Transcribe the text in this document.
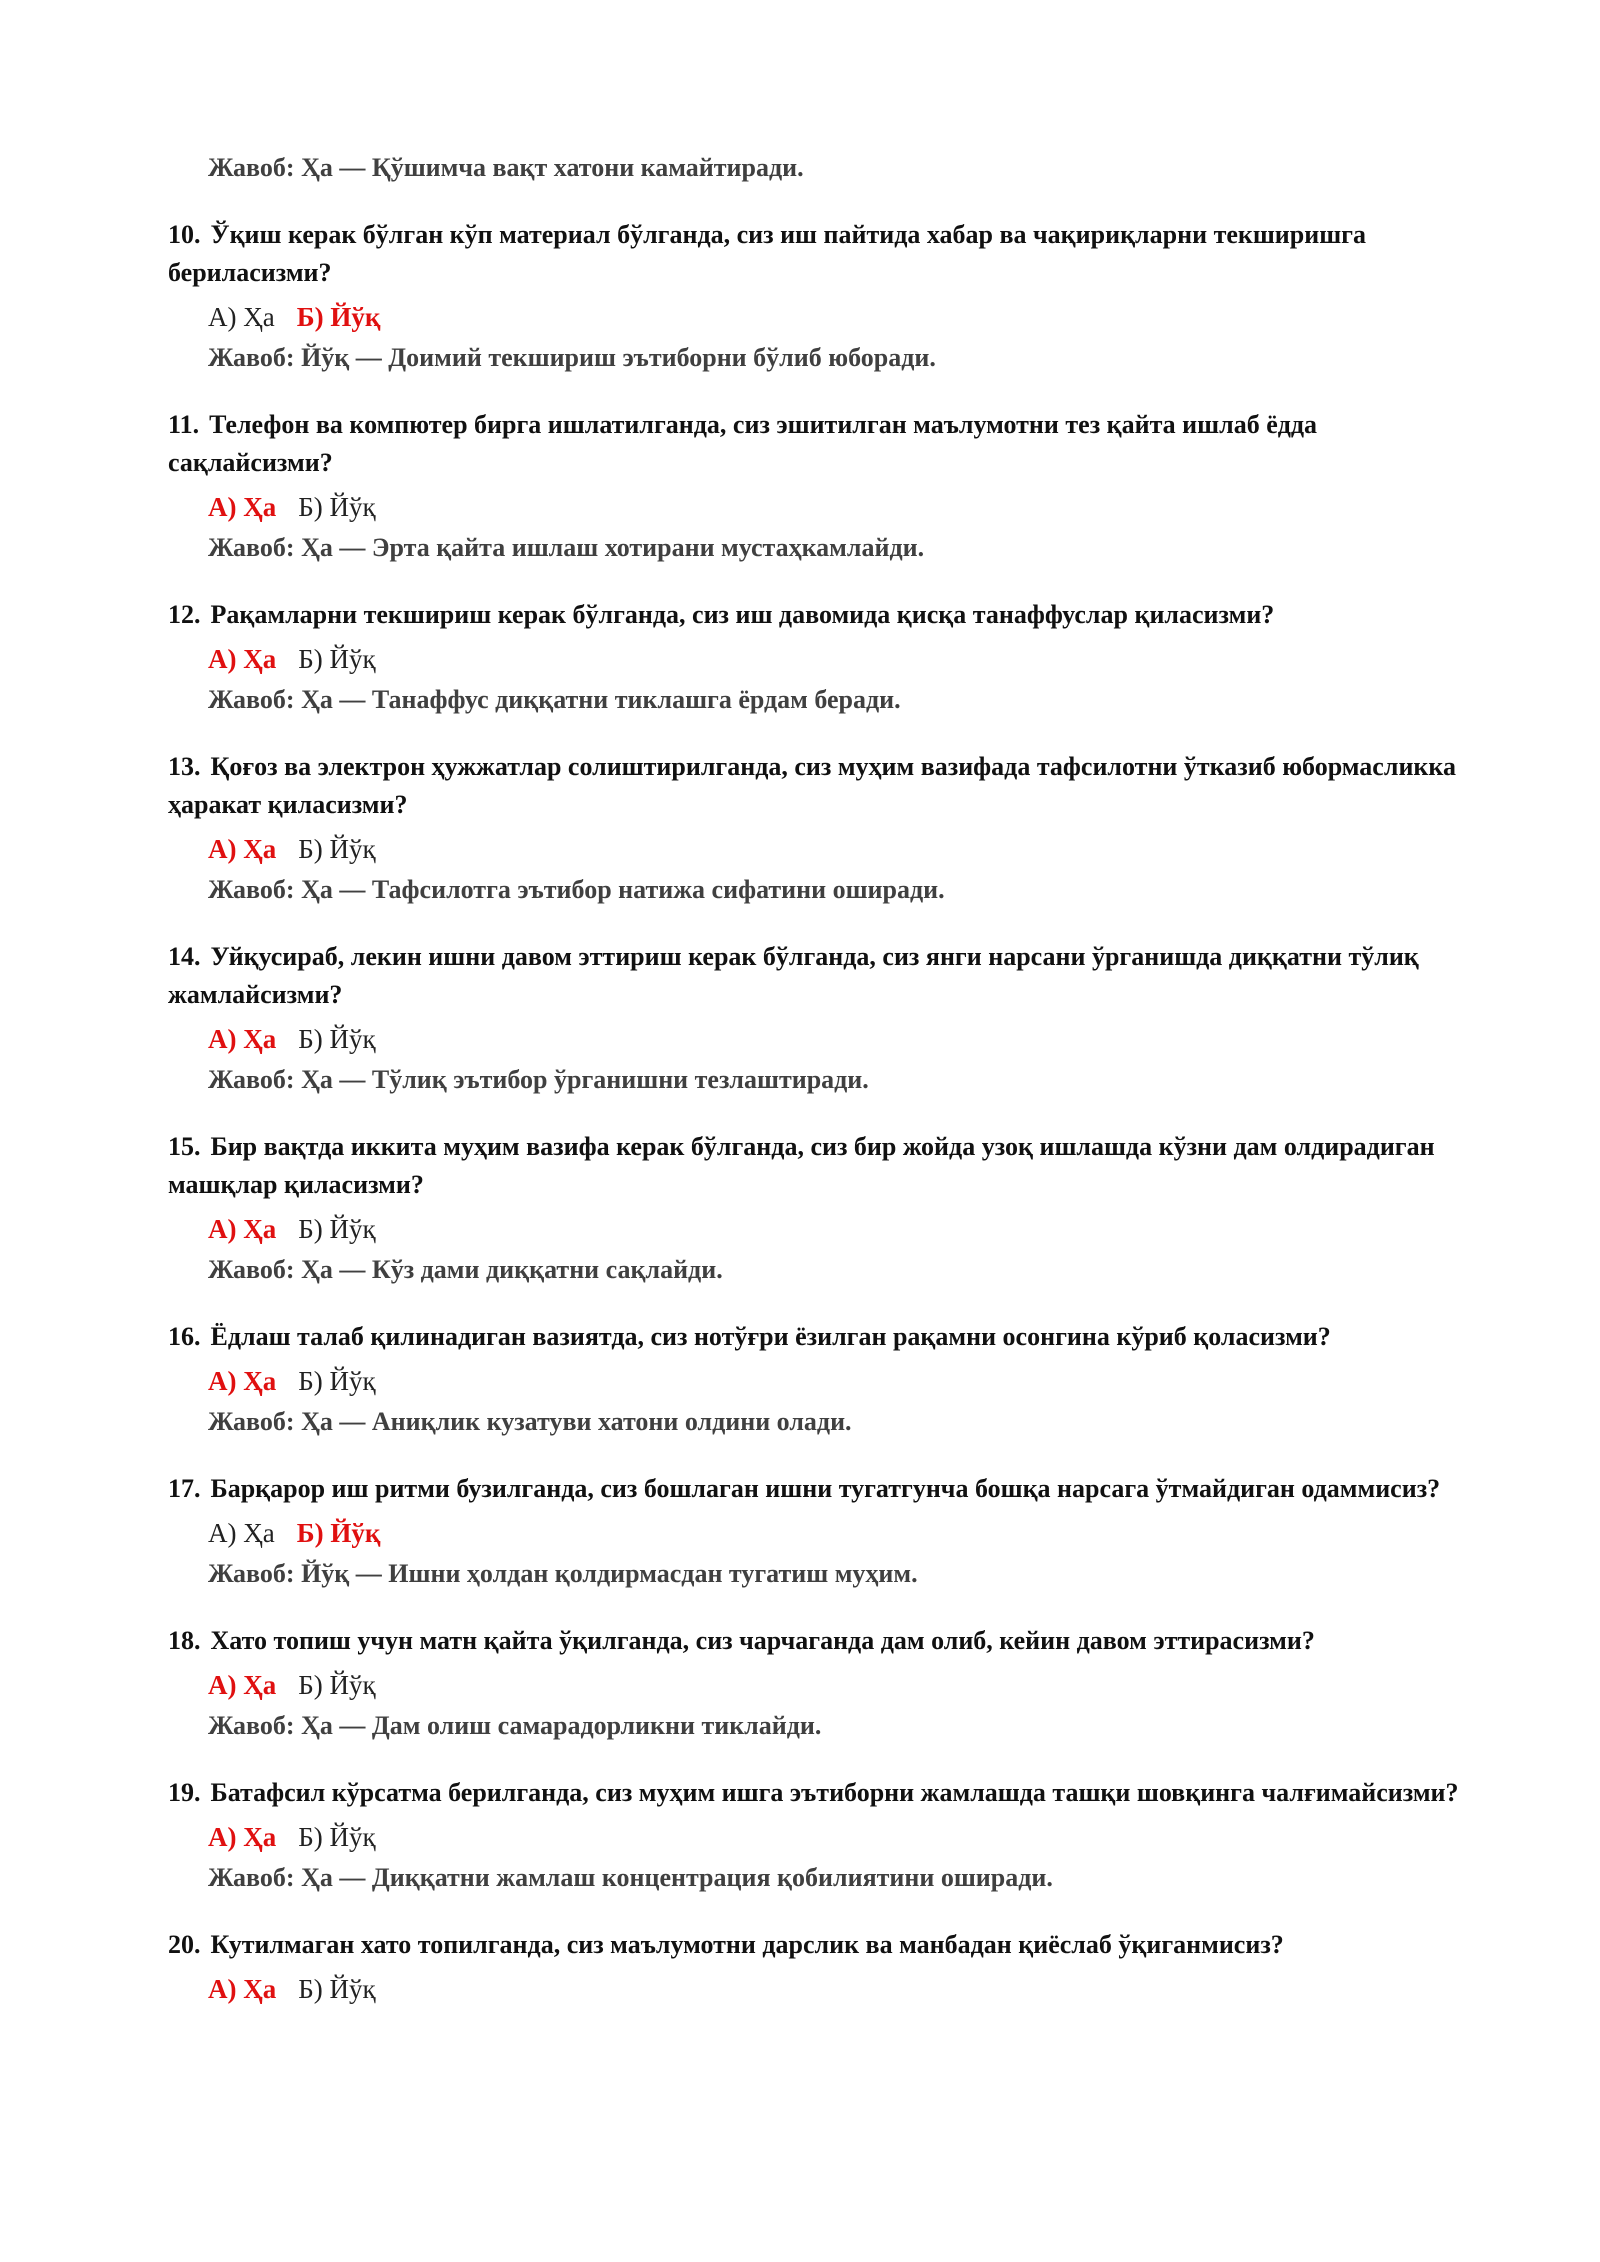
Жавоб: Ҳа — Қўшимча вақт хатони камайтиради.

10. Ўқиш керак бўлган кўп материал бўлганда, сиз иш пайтида хабар ва чақириқларни текширишга бериласизми?

А) Ҳа Б) Йўқ
Жавоб: Йўқ — Доимий текшириш эътиборни бўлиб юборади.

11. Телефон ва компютер бирга ишлатилганда, сиз эшитилган маълумотни тез қайта ишлаб ёдда сақлайсизми?

А) Ҳа Б) Йўқ
Жавоб: Ҳа — Эрта қайта ишлаш хотирани мустаҳкамлайди.

12. Рақамларни текшириш керак бўлганда, сиз иш давомида қисқа танаффуслар қиласизми?

А) Ҳа Б) Йўқ
Жавоб: Ҳа — Танаффус диққатни тиклашга ёрдам беради.

13. Қоғоз ва электрон ҳужжатлар солиштирилганда, сиз муҳим вазифада тафсилотни ўтказиб юбормасликка ҳаракат қиласизми?

А) Ҳа Б) Йўқ
Жавоб: Ҳа — Тафсилотга эътибор натижа сифатини оширади.

14. Уйқусираб, лекин ишни давом эттириш керак бўлганда, сиз янги нарсани ўрганишда диққатни тўлиқ жамлайсизми?

А) Ҳа Б) Йўқ
Жавоб: Ҳа — Тўлиқ эътибор ўрганишни тезлаштиради.

15. Бир вақтда иккита муҳим вазифа керак бўлганда, сиз бир жойда узоқ ишлашда кўзни дам олдирадиган машқлар қиласизми?

А) Ҳа Б) Йўқ
Жавоб: Ҳа — Кўз дами диққатни сақлайди.

16. Ёдлаш талаб қилинадиган вазиятда, сиз нотўғри ёзилган рақамни осонгина кўриб қоласизми?

А) Ҳа Б) Йўқ
Жавоб: Ҳа — Аниқлик кузатуви хатони олдини олади.

17. Барқарор иш ритми бузилганда, сиз бошлаган ишни тугатгунча бошқа нарсага ўтмайдиган одаммисиз?

А) Ҳа Б) Йўқ
Жавоб: Йўқ — Ишни ҳолдан қолдирмасдан тугатиш муҳим.

18. Хато топиш учун матн қайта ўқилганда, сиз чарчаганда дам олиб, кейин давом эттирасизми?

А) Ҳа Б) Йўқ
Жавоб: Ҳа — Дам олиш самарадорликни тиклайди.

19. Батафсил кўрсатма берилганда, сиз муҳим ишга эътиборни жамлашда ташқи шовқинга чалғимайсизми?

А) Ҳа Б) Йўқ
Жавоб: Ҳа — Диққатни жамлаш концентрация қобилиятини оширади.

20. Кутилмаган хато топилганда, сиз маълумотни дарслик ва манбадан қиёслаб ўқиганмисиз?

А) Ҳа Б) Йўқ
